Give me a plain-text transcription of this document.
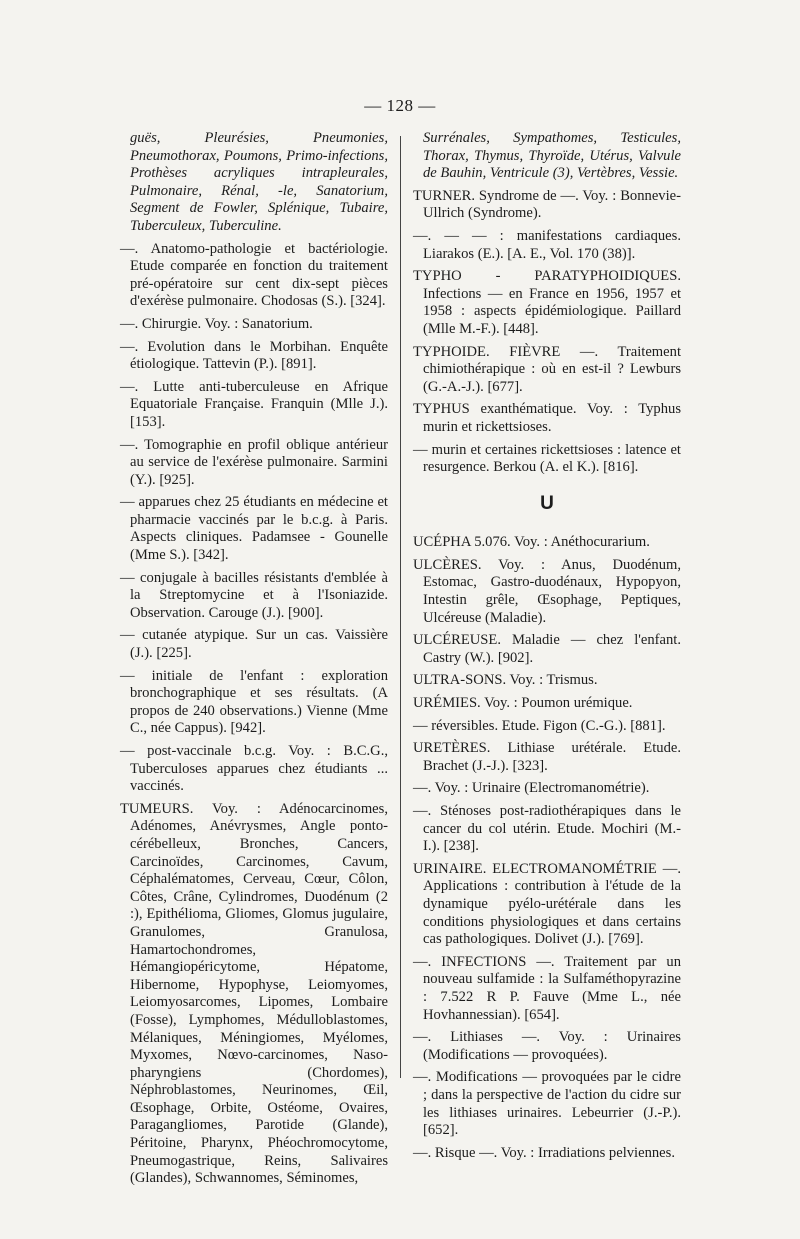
— 128 —
guës, Pleurésies, Pneumonies, Pneumothorax, Poumons, Primo-infections, Prothèses acryliques intrapleurales, Pulmonaire, Rénal, -le, Sanatorium, Segment de Fowler, Splénique, Tubaire, Tuberculeux, Tuberculine.
—. Anatomo-pathologie et bactériologie. Etude comparée en fonction du traitement pré-opératoire sur cent dix-sept pièces d'exérèse pulmonaire. Chodosas (S.). [324].
—. Chirurgie. Voy. : Sanatorium.
—. Evolution dans le Morbihan. Enquête étiologique. Tattevin (P.). [891].
—. Lutte anti-tuberculeuse en Afrique Equatoriale Française. Franquin (Mlle J.). [153].
—. Tomographie en profil oblique antérieur au service de l'exérèse pulmonaire. Sarmini (Y.). [925].
— apparues chez 25 étudiants en médecine et pharmacie vaccinés par le b.c.g. à Paris. Aspects cliniques. Padamsee - Gounelle (Mme S.). [342].
— conjugale à bacilles résistants d'emblée à la Streptomycine et à l'Isoniazide. Observation. Carouge (J.). [900].
— cutanée atypique. Sur un cas. Vaissière (J.). [225].
— initiale de l'enfant : exploration bronchographique et ses résultats. (A propos de 240 observations.) Vienne (Mme C., née Cappus). [942].
— post-vaccinale b.c.g. Voy. : B.C.G., Tuberculoses apparues chez étudiants ... vaccinés.
TUMEURS. Voy. : Adénocarcinomes, Adénomes, Anévrysmes, Angle ponto-cérébelleux, Bronches, Cancers, Carcinoïdes, Carcinomes, Cavum, Céphalématomes, Cerveau, Cœur, Côlon, Côtes, Crâne, Cylindromes, Duodénum (2 :), Epithélioma, Gliomes, Glomus jugulaire, Granulomes, Granulosa, Hamartochondromes, Hémangiopéricytome, Hépatome, Hibernome, Hypophyse, Leiomyomes, Leiomyosarcomes, Lipomes, Lombaire (Fosse), Lymphomes, Médulloblastomes, Mélaniques, Méningiomes, Myélomes, Myxomes, Nœvo-carcinomes, Naso-pharyngiens (Chordomes), Néphroblastomes, Neurinomes, Œil, Œsophage, Orbite, Ostéome, Ovaires, Paragangliomes, Parotide (Glande), Péritoine, Pharynx, Phéochromocytome, Pneumogastrique, Reins, Salivaires (Glandes), Schwannomes, Séminomes,
Surrénales, Sympathomes, Testicules, Thorax, Thymus, Thyroïde, Utérus, Valvule de Bauhin, Ventricule (3), Vertèbres, Vessie.
TURNER. Syndrome de —. Voy. : Bonnevie-Ullrich (Syndrome).
—. — — : manifestations cardiaques. Liarakos (E.). [A. E., Vol. 170 (38)].
TYPHO - PARATYPHOIDIQUES. Infections — en France en 1956, 1957 et 1958 : aspects épidémiologique. Paillard (Mlle M.-F.). [448].
TYPHOIDE. FIÈVRE —. Traitement chimiothérapique : où en est-il ? Lewburs (G.-A.-J.). [677].
TYPHUS exanthématique. Voy. : Typhus murin et rickettsioses.
— murin et certaines rickettsioses : latence et resurgence. Berkou (A. el K.). [816].
U
UCÉPHA 5.076. Voy. : Anéthocurarium.
ULCÈRES. Voy. : Anus, Duodénum, Estomac, Gastro-duodénaux, Hypopyon, Intestin grêle, Œsophage, Peptiques, Ulcéreuse (Maladie).
ULCÉREUSE. Maladie — chez l'enfant. Castry (W.). [902].
ULTRA-SONS. Voy. : Trismus.
URÉMIES. Voy. : Poumon urémique.
— réversibles. Etude. Figon (C.-G.). [881].
URETÈRES. Lithiase urétérale. Etude. Brachet (J.-J.). [323].
—. Voy. : Urinaire (Electromanométrie).
—. Sténoses post-radiothérapiques dans le cancer du col utérin. Etude. Mochiri (M.-I.). [238].
URINAIRE. ELECTROMANOMÉTRIE —. Applications : contribution à l'étude de la dynamique pyélo-urétérale dans les conditions physiologiques et dans certains cas pathologiques. Dolivet (J.). [769].
—. INFECTIONS —. Traitement par un nouveau sulfamide : la Sulfaméthopyrazine : 7.522 R P. Fauve (Mme L., née Hovhannessian). [654].
—. Lithiases —. Voy. : Urinaires (Modifications — provoquées).
—. Modifications — provoquées par le cidre ; dans la perspective de l'action du cidre sur les lithiases urinaires. Lebeurrier (J.-P.). [652].
—. Risque —. Voy. : Irradiations pelviennes.
